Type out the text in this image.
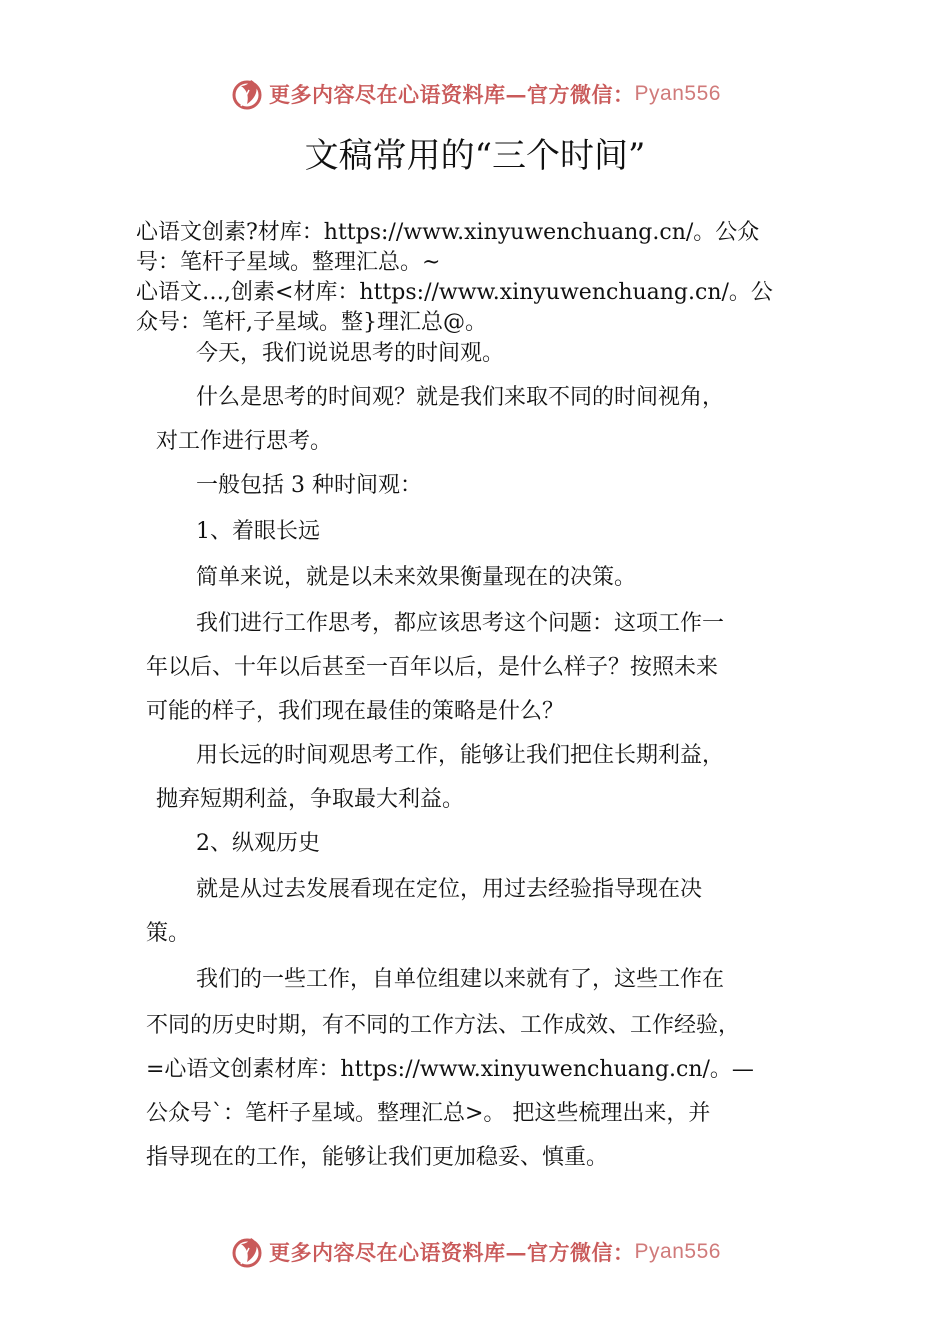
更多内容尽在心语资料库—官方微信： Pyan556
文稿常用的“三个时间”
心语文创素?材库：https://www.xinyuwenchuang.cn/。公众
号：笔杆子星域。整理汇总。~
心语文…,创素<材库：https://www.xinyuwenchuang.cn/。公
众号：笔杆,子星域。整}理汇总@。
今天，我们说说思考的时间观。
什么是思考的时间观？就是我们来取不同的时间视角，
对工作进行思考。
一般包括 3 种时间观：
1、着眼长远
简单来说，就是以未来效果衡量现在的决策。
我们进行工作思考，都应该思考这个问题：这项工作一
年以后、十年以后甚至一百年以后，是什么样子？按照未来
可能的样子，我们现在最佳的策略是什么？
用长远的时间观思考工作，能够让我们把住长期利益，
抛弃短期利益，争取最大利益。
2、纵观历史
就是从过去发展看现在定位，用过去经验指导现在决
策。
我们的一些工作，自单位组建以来就有了，这些工作在
不同的历史时期，有不同的工作方法、工作成效、工作经验，
=心语文创素材库：https://www.xinyuwenchuang.cn/。—
公众号`：笔杆子星域。整理汇总>。 把这些梳理出来，并
指导现在的工作，能够让我们更加稳妥、慎重。
更多内容尽在心语资料库—官方微信： Pyan556
